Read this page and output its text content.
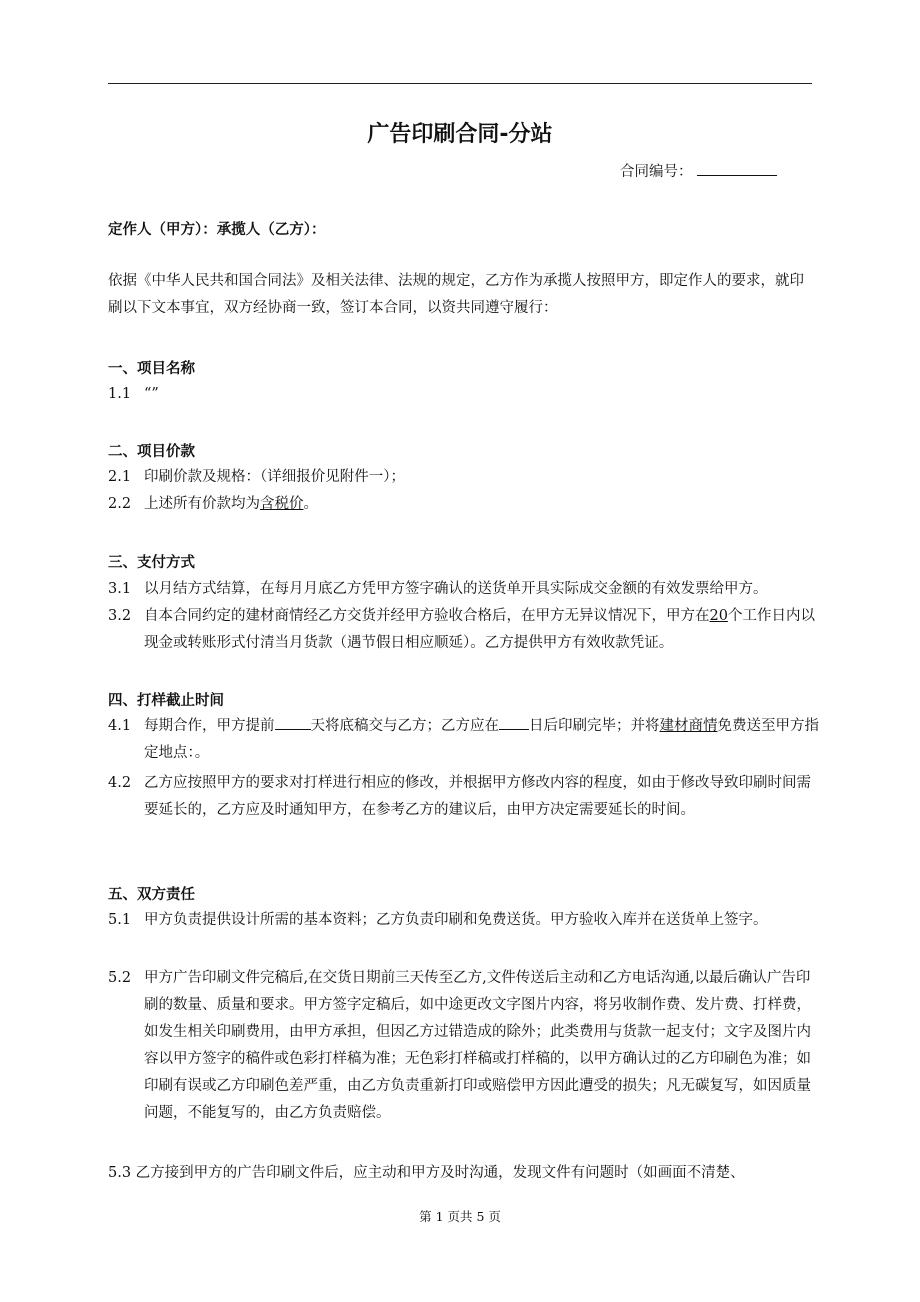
广告印刷合同-分站
合同编号：
定作人（甲方）：承揽人（乙方）：
依据《中华人民共和国合同法》及相关法律、法规的规定，乙方作为承揽人按照甲方，即定作人的要求，就印刷以下文本事宜，双方经协商一致，签订本合同，以资共同遵守履行：
一、项目名称
1.1 “”
二、项目价款
2.1 印刷价款及规格：（详细报价见附件一）；
2.2 上述所有价款均为含税价。
三、支付方式
3.1 以月结方式结算，在每月月底乙方凭甲方签字确认的送货单开具实际成交金额的有效发票给甲方。
3.2 自本合同约定的建材商情经乙方交货并经甲方验收合格后，在甲方无异议情况下，甲方在20个工作日内以现金或转账形式付清当月货款（遇节假日相应顺延）。乙方提供甲方有效收款凭证。
四、打样截止时间
4.1 每期合作，甲方提前 天将底稿交与乙方；乙方应在 日后印刷完毕；并将建材商情免费送至甲方指定地点：。
4.2 乙方应按照甲方的要求对打样进行相应的修改，并根据甲方修改内容的程度，如由于修改导致印刷时间需要延长的，乙方应及时通知甲方，在参考乙方的建议后，由甲方决定需要延长的时间。
五、双方责任
5.1 甲方负责提供设计所需的基本资料；乙方负责印刷和免费送货。甲方验收入库并在送货单上签字。
5.2 甲方广告印刷文件完稿后,在交货日期前三天传至乙方,文件传送后主动和乙方电话沟通,以最后确认广告印刷的数量、质量和要求。甲方签字定稿后，如中途更改文字图片内容，将另收制作费、发片费、打样费，如发生相关印刷费用，由甲方承担，但因乙方过错造成的除外；此类费用与货款一起支付；文字及图片内容以甲方签字的稿件或色彩打样稿为准；无色彩打样稿或打样稿的，以甲方确认过的乙方印刷色为准；如印刷有误或乙方印刷色差严重，由乙方负责重新打印或赔偿甲方因此遭受的损失；凡无碳复写，如因质量问题，不能复写的，由乙方负责赔偿。
5.3 乙方接到甲方的广告印刷文件后，应主动和甲方及时沟通，发现文件有问题时（如画面不清楚、
第 1 页共 5 页
